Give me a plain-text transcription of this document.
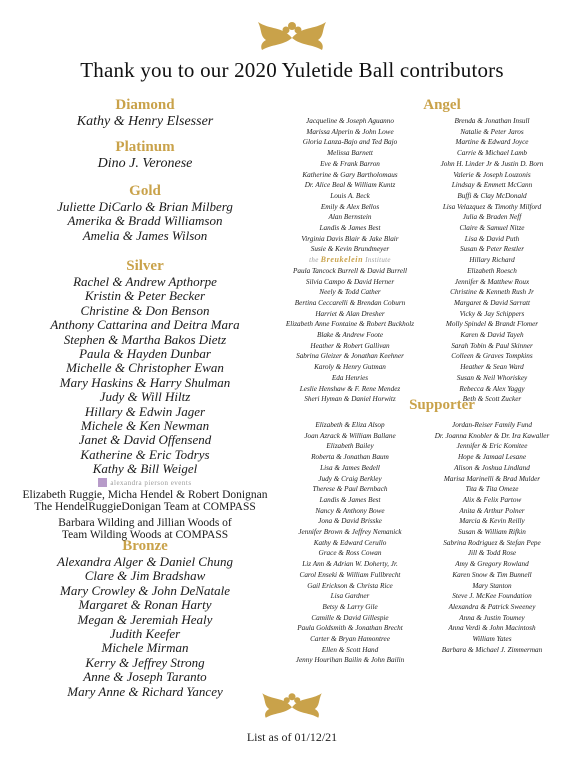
Thank you to our 2020 Yuletide Ball contributors
Diamond
Kathy & Henry Elsesser
Platinum
Dino J. Veronese
Gold
Juliette DiCarlo & Brian Milberg
Amerika & Bradd Williamson
Amelia & James Wilson
Silver
Rachel & Andrew Apthorpe
Kristin & Peter Becker
Christine & Don Benson
Anthony Cattarina and Deitra Mara
Stephen & Martha Bakos Dietz
Paula & Hayden Dunbar
Michelle & Christopher Ewan
Mary Haskins & Harry Shulman
Judy & Will Hiltz
Hillary & Edwin Jager
Michele & Ken Newman
Janet & David Offensend
Katherine & Eric Todrys
Kathy & Bill Weigel
alexandra pierson events
Elizabeth Ruggie, Micha Hendel & Robert Donignan
The HendelRuggieDonigan Team at COMPASS
Barbara Wilding and Jillian Woods of
Team Wilding Woods at COMPASS
Bronze
Alexandra Alger & Daniel Chung
Clare & Jim Bradshaw
Mary Crowley & John DeNatale
Margaret & Ronan Harty
Megan & Jeremiah Healy
Judith Keefer
Michele Mirman
Kerry & Jeffrey Strong
Anne & Joseph Taranto
Mary Anne & Richard Yancey
Angel
Jacqueline & Joseph Aguanno
Marissa Alperin & John Lowe
Gloria Lanza-Bajo and Ted Bajo
Melissa Barnett
Eve & Frank Barron
Katherine & Gary Bartholomaus
Dr. Alice Beal & William Kuntz
Louis A. Beck
Emily & Alex Bellos
Alan Bernstein
Landis & James Best
Virginia Davis Blair & Jake Blair
Susie & Kevin Brundmeyer
the Breukelein Institute
Paula Tancock Burrell & David Burrell
Silvia Campo & David Herner
Neely & Todd Cather
Bertina Ceccarelli & Brendan Coburn
Harriet & Alan Dresher
Elizabeth Anne Fontaine & Robert Buckholz
Blake & Andrew Foote
Heather & Robert Gallivan
Sabrina Gleizer & Jonathan Keehner
Karoly & Henry Gutman
Eda Henries
Leslie Henshaw & F. Rene Mendez
Sheri Hyman & Daniel Horwitz
Brenda & Jonathan Insull
Natalie & Peter Jaros
Martine & Edward Joyce
Carrie & Michael Lamb
John H. Linder Jr & Justin D. Born
Valerie & Joseph Louzonis
Lindsay & Emmett McCann
Buffi & Clay McDonald
Lisa Velazquez & Timothy Milford
Julia & Braden Neff
Claire & Samuel Nitze
Lisa & David Puth
Susan & Peter Restler
Hillary Richard
Elizabeth Roesch
Jennifer & Matthew Roux
Christine & Kenneth Rush Jr
Margaret & David Sarratt
Vicky & Jay Schippers
Molly Spindel & Brandt Flomer
Karen & David Tayeh
Sarah Tobin & Paul Skinner
Colleen & Graves Tompkins
Heather & Sean Ward
Susan & Neil Whoriskey
Rebecca & Alex Yaggy
Beth & Scott Zucker
Supporter
Elizabeth & Eliza Alsop
Joan Azrack & William Ballane
Elizabeth Bailey
Roberta & Jonathan Baum
Lisa & James Bedell
Judy & Craig Berkley
Therese & Paul Bernbach
Landis & James Best
Nancy & Anthony Bowe
Jona & David Brisske
Jennifer Brown & Jeffrey Nemanick
Kathy & Edward Cerullo
Grace & Ross Cowan
Liz Ann & Adrian W. Doherty, Jr.
Carol Enseki & William Fullbrecht
Gail Erickson & Christa Rice
Lisa Gardner
Betsy & Larry Gile
Camille & David Gillespie
Paula Goldsmith & Jonathan Brecht
Carter & Bryan Hamontree
Ellen & Scott Hand
Jenny Hourihan Bailin & John Bailin
Jordan-Reiser Family Fund
Dr. Joanna Knobler & Dr. Ira Kawaller
Jennifer & Eric Komitee
Hope & Jamaal Lesane
Alison & Joshua Lindland
Marisa Marinelli & Brad Mulder
Tita & Tita Omeze
Alix & Felix Partow
Anita & Arthur Polner
Marcia & Kevin Reilly
Susan & William Rifkin
Sabrina Rodriguez & Stefan Pepe
Jill & Todd Rose
Amy & Gregory Rowland
Karen Snow & Tim Bunnell
Mary Stanton
Steve J. McKee Foundation
Alexandra & Patrick Sweeney
Anna & Justin Toumey
Anna Verdi & John Macintosh
William Yates
Barbara & Michael J. Zimmerman
List as of 01/12/21
